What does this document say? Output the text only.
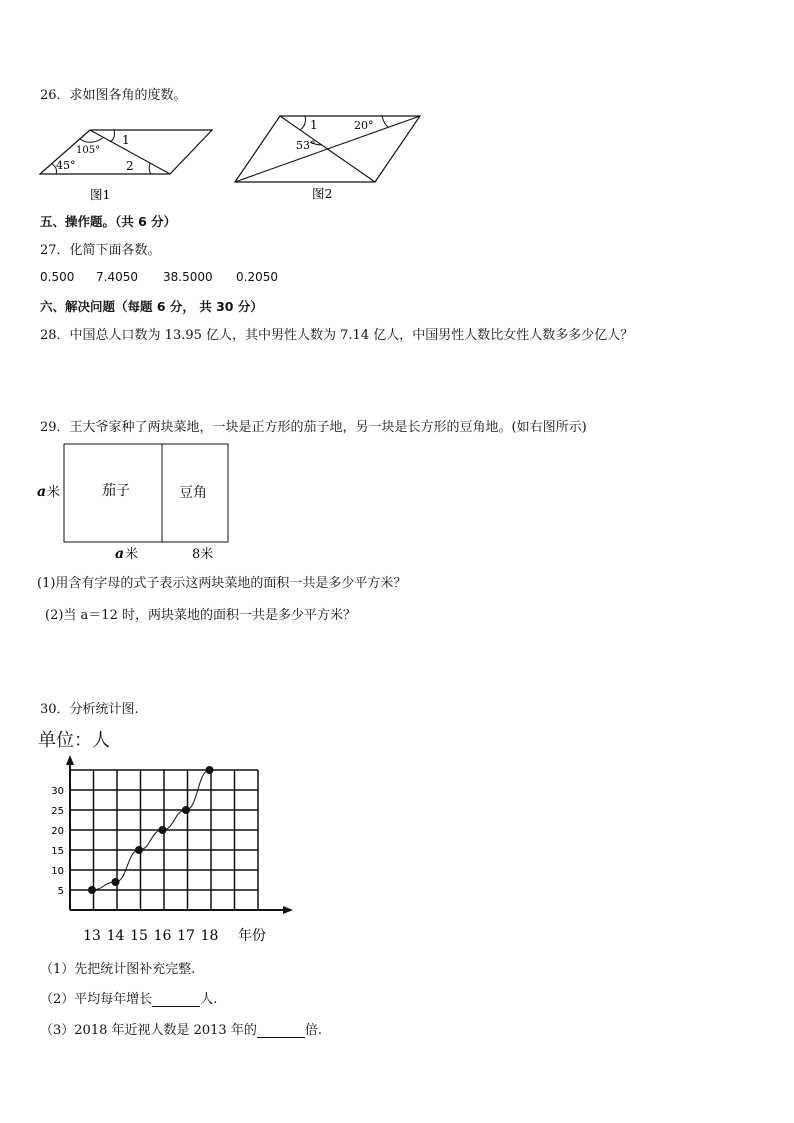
26．求如图各角的度数。
105°
1
2
45°
图1
1	20°
53°
图2
五、操作题。（共 6 分）
27．化简下面各数。
0.500 7.4050 38.5000 0.2050
六、解决问题（每题 6 分， 共 30 分）
28．中国总人口数为 13.95 亿人，其中男性人数为 7.14 亿人，中国男性人数比女性人数多多少亿人？
29．王大爷家种了两块菜地，一块是正方形的茄子地，另一块是长方形的豆角地。(如右图所示)
a 米	茄子	豆角
a 米	8米
(1)用含有字母的式子表示这两块菜地的面积一共是多少平方米？
(2)当 a＝12 时，两块菜地的面积一共是多少平方米？
30．分析统计图.
单位：人
5
10
15
20
25
30
13 14 15 16 17 18 年份
（1）先把统计图补充完整.
（2）平均每年增长	人.
（3）2018 年近视人数是 2013 年的	倍.
